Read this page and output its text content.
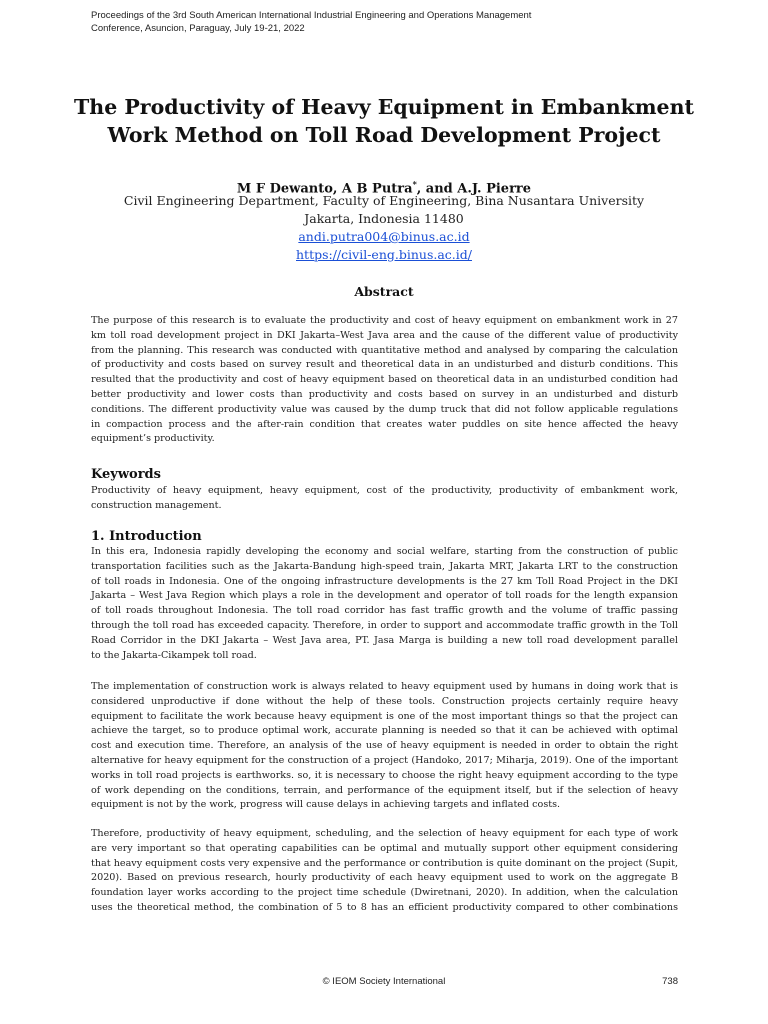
Proceedings of the 3rd South American International Industrial Engineering and Operations Management
Conference, Asuncion, Paraguay, July 19-21, 2022
The Productivity of Heavy Equipment in Embankment
Work Method on Toll Road Development Project
M F Dewanto, A B Putra*, and A.J. Pierre
Civil Engineering Department, Faculty of Engineering, Bina Nusantara University
Jakarta, Indonesia 11480
andi.putra004@binus.ac.id
https://civil-eng.binus.ac.id/
Abstract
The purpose of this research is to evaluate the productivity and cost of heavy equipment on embankment work in 27
km toll road development project in DKI Jakarta–West Java area and the cause of the different value of productivity
from the planning. This research was conducted with quantitative method and analysed by comparing the calculation
of productivity and costs based on survey result and theoretical data in an undisturbed and disturb conditions. This
resulted that the productivity and cost of heavy equipment based on theoretical data in an undisturbed condition had
better productivity and lower costs than productivity and costs based on survey in an undisturbed and disturb
conditions. The different productivity value was caused by the dump truck that did not follow applicable regulations
in compaction process and the after-rain condition that creates water puddles on site hence affected the heavy
equipment’s productivity.
Keywords
Productivity of heavy equipment, heavy equipment, cost of the productivity, productivity of embankment work,
construction management.
1. Introduction
In this era, Indonesia rapidly developing the economy and social welfare, starting from the construction of public
transportation facilities such as the Jakarta-Bandung high-speed train, Jakarta MRT, Jakarta LRT to the construction
of toll roads in Indonesia. One of the ongoing infrastructure developments is the 27 km Toll Road Project in the DKI
Jakarta – West Java Region which plays a role in the development and operator of toll roads for the length expansion
of toll roads throughout Indonesia. The toll road corridor has fast traffic growth and the volume of traffic passing
through the toll road has exceeded capacity. Therefore, in order to support and accommodate traffic growth in the Toll
Road Corridor in the DKI Jakarta – West Java area, PT. Jasa Marga is building a new toll road development parallel
to the Jakarta-Cikampek toll road.
The implementation of construction work is always related to heavy equipment used by humans in doing work that is
considered unproductive if done without the help of these tools. Construction projects certainly require heavy
equipment to facilitate the work because heavy equipment is one of the most important things so that the project can
achieve the target, so to produce optimal work, accurate planning is needed so that it can be achieved with optimal
cost and execution time. Therefore, an analysis of the use of heavy equipment is needed in order to obtain the right
alternative for heavy equipment for the construction of a project (Handoko, 2017; Miharja, 2019). One of the important
works in toll road projects is earthworks. so, it is necessary to choose the right heavy equipment according to the type
of work depending on the conditions, terrain, and performance of the equipment itself, but if the selection of heavy
equipment is not by the work, progress will cause delays in achieving targets and inflated costs.
Therefore, productivity of heavy equipment, scheduling, and the selection of heavy equipment for each type of work
are very important so that operating capabilities can be optimal and mutually support other equipment considering
that heavy equipment costs very expensive and the performance or contribution is quite dominant on the project (Supit,
2020). Based on previous research, hourly productivity of each heavy equipment used to work on the aggregate B
foundation layer works according to the project time schedule (Dwiretnani, 2020). In addition, when the calculation
uses the theoretical method, the combination of 5 to 8 has an efficient productivity compared to other combinations
© IEOM Society International	738
